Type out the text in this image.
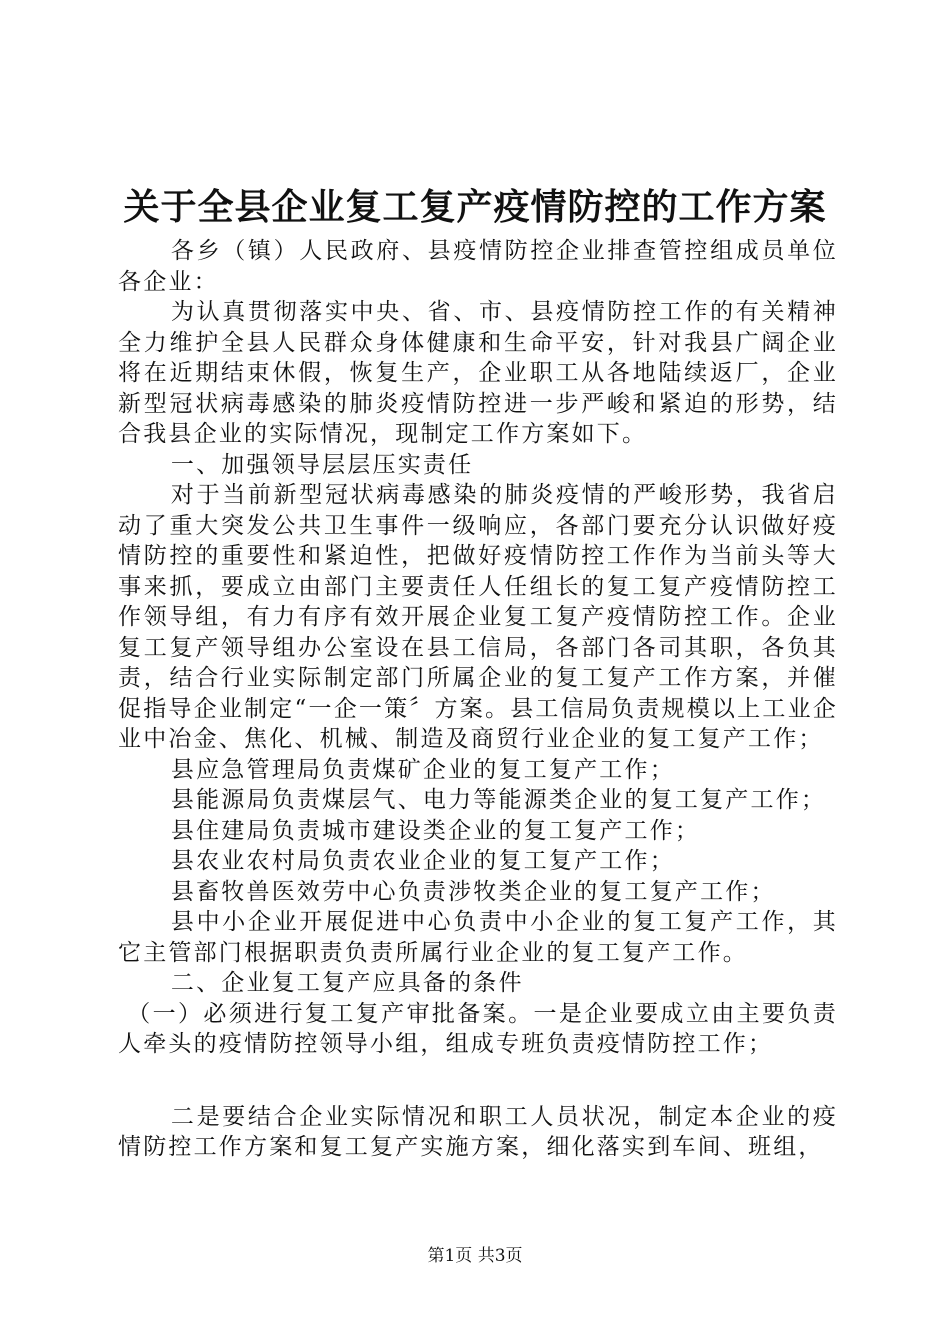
关于全县企业复工复产疫情防控的工作方案

各乡（镇）人民政府、县疫情防控企业排查管控组成员单位各企业：

为认真贯彻落实中央、省、市、县疫情防控工作的有关精神全力维护全县人民群众身体健康和生命平安，针对我县广阔企业将在近期结束休假，恢复生产，企业职工从各地陆续返厂，企业新型冠状病毒感染的肺炎疫情防控进一步严峻和紧迫的形势，结合我县企业的实际情况，现制定工作方案如下。

一、加强领导层层压实责任

对于当前新型冠状病毒感染的肺炎疫情的严峻形势，我省启动了重大突发公共卫生事件一级响应，各部门要充分认识做好疫情防控的重要性和紧迫性，把做好疫情防控工作作为当前头等大事来抓，要成立由部门主要责任人任组长的复工复产疫情防控工作领导组，有力有序有效开展企业复工复产疫情防控工作。企业复工复产领导组办公室设在县工信局，各部门各司其职，各负其责，结合行业实际制定部门所属企业的复工复产工作方案，并催促指导企业制定“一企一策〞方案。县工信局负责规模以上工业企业中冶金、焦化、机械、制造及商贸行业企业的复工复产工作；

县应急管理局负责煤矿企业的复工复产工作；

县能源局负责煤层气、电力等能源类企业的复工复产工作；

县住建局负责城市建设类企业的复工复产工作；

县农业农村局负责农业企业的复工复产工作；

县畜牧兽医效劳中心负责涉牧类企业的复工复产工作；

县中小企业开展促进中心负责中小企业的复工复产工作，其它主管部门根据职责负责所属行业企业的复工复产工作。

二、企业复工复产应具备的条件

（一）必须进行复工复产审批备案。一是企业要成立由主要负责人牵头的疫情防控领导小组，组成专班负责疫情防控工作；

二是要结合企业实际情况和职工人员状况，制定本企业的疫情防控工作方案和复工复产实施方案，细化落实到车间、班组，

第1页 共3页
